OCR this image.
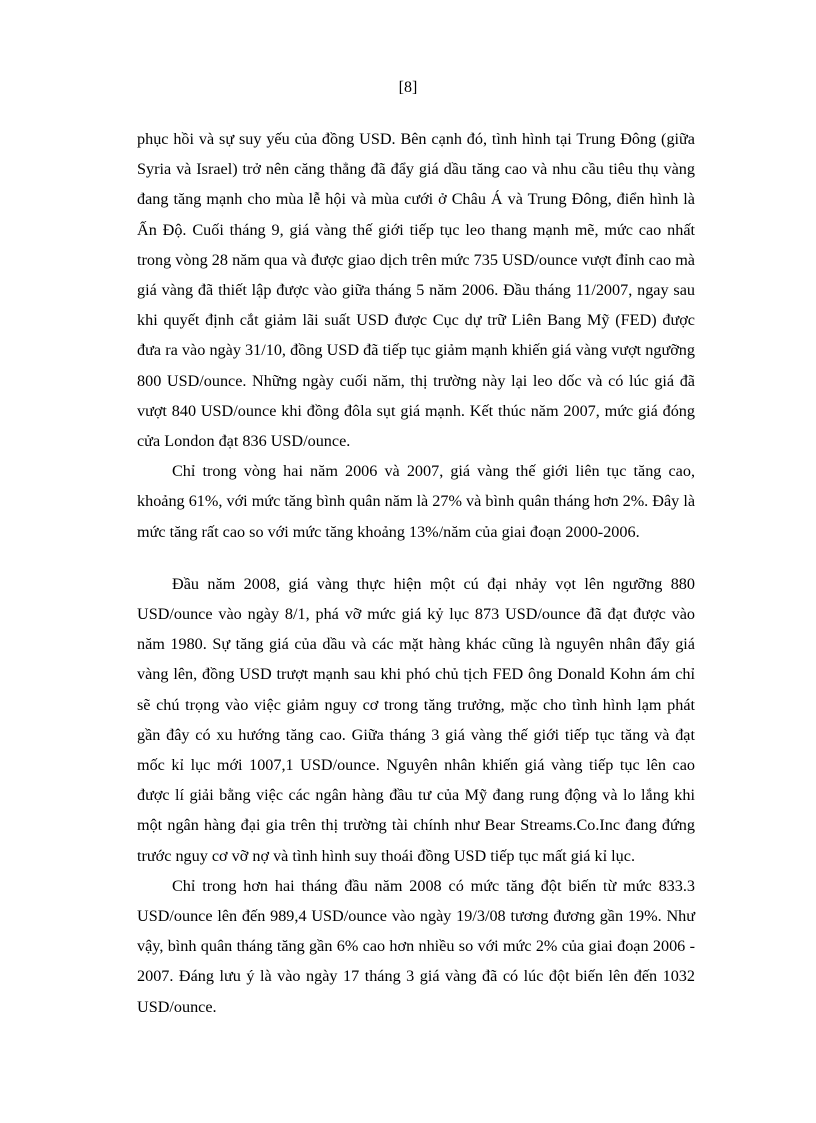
[8]

phục hồi và sự suy yếu của đồng USD. Bên cạnh đó, tình hình tại Trung Đông (giữa Syria và Israel) trở nên căng thẳng đã đẩy giá dầu tăng cao và nhu cầu tiêu thụ vàng đang tăng mạnh cho mùa lễ hội và mùa cưới ở Châu Á và Trung Đông, điển hình là Ấn Độ. Cuối tháng 9, giá vàng thế giới tiếp tục leo thang mạnh mẽ, mức cao nhất trong vòng 28 năm qua và được giao dịch trên mức 735 USD/ounce vượt đỉnh cao mà giá vàng đã thiết lập được vào giữa tháng 5 năm 2006. Đầu tháng 11/2007, ngay sau khi quyết định cắt giảm lãi suất USD được Cục dự trữ Liên Bang Mỹ (FED) được đưa ra vào ngày 31/10, đồng USD đã tiếp tục giảm mạnh khiến giá vàng vượt ngưỡng 800 USD/ounce. Những ngày cuối năm, thị trường này lại leo dốc và có lúc giá đã vượt 840 USD/ounce khi đồng đôla sụt giá mạnh. Kết thúc năm 2007, mức giá đóng cửa London đạt 836 USD/ounce.

Chỉ trong vòng hai năm 2006 và 2007, giá vàng thế giới liên tục tăng cao, khoảng 61%, với mức tăng bình quân năm là 27% và bình quân tháng hơn 2%. Đây là mức tăng rất cao so với mức tăng khoảng 13%/năm của giai đoạn 2000-2006.

Đầu năm 2008, giá vàng thực hiện một cú đại nhảy vọt lên ngưỡng 880 USD/ounce vào ngày 8/1, phá vỡ mức giá kỷ lục 873 USD/ounce đã đạt được vào năm 1980. Sự tăng giá của dầu và các mặt hàng khác cũng là nguyên nhân đẩy giá vàng lên, đồng USD trượt mạnh sau khi phó chủ tịch FED ông Donald Kohn ám chỉ sẽ chú trọng vào việc giảm nguy cơ trong tăng trưởng, mặc cho tình hình lạm phát gần đây có xu hướng tăng cao. Giữa tháng 3 giá vàng thế giới tiếp tục tăng và đạt mốc kỉ lục mới 1007,1 USD/ounce. Nguyên nhân khiến giá vàng tiếp tục lên cao được lí giải bằng việc các ngân hàng đầu tư của Mỹ đang rung động và lo lắng khi một ngân hàng đại gia trên thị trường tài chính như Bear Streams.Co.Inc đang đứng trước nguy cơ vỡ nợ và tình hình suy thoái đồng USD tiếp tục mất giá kỉ lục.

Chỉ trong hơn hai tháng đầu năm 2008 có mức tăng đột biến từ mức 833.3 USD/ounce lên đến 989,4 USD/ounce vào ngày 19/3/08 tương đương gần 19%. Như vậy, bình quân tháng tăng gần 6% cao hơn nhiều so với mức 2% của giai đoạn 2006 - 2007. Đáng lưu ý là vào ngày 17 tháng 3 giá vàng đã có lúc đột biến lên đến 1032 USD/ounce.
